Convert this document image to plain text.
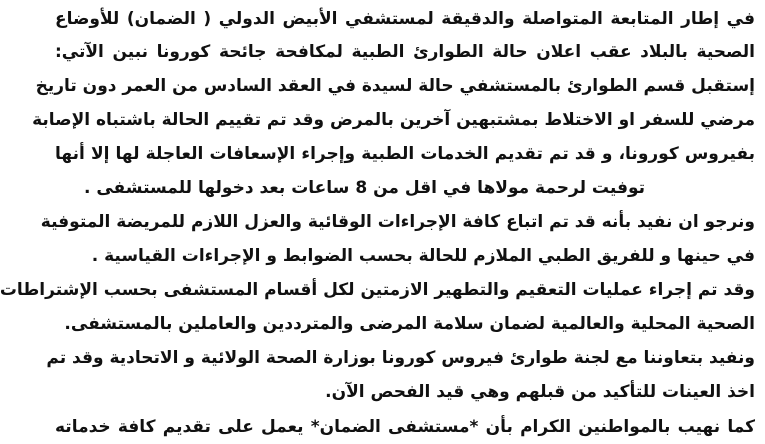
في إطار المتابعة المتواصلة والدقيقة لمستشفي الأبيض الدولي ( الضمان) للأوضاع
الصحية بالبلاد عقب اعلان حالة الطوارئ الطبية لمكافحة جائحة كورونا نبين الآتي:
إستقبل قسم الطوارئ بالمستشفي حالة لسيدة في العقد السادس من العمر دون تاريخ
مرضي للسفر او الاختلاط بمشتبهين آخرين بالمرض وقد تم تقييم الحالة باشتباه الإصابة
بفيروس كورونا، و قد تم تقديم الخدمات الطبية وإجراء الإسعافات العاجلة لها إلا أنها
توفيت لرحمة مولاها في اقل من 8 ساعات بعد دخولها للمستشفى .
ونرجو ان نفيد بأنه قد تم اتباع كافة الإجراءات الوقائية والعزل اللازم للمريضة المتوفية
في حينها و للفريق الطبي الملازم للحالة بحسب الضوابط و الإجراءات القياسية .
وقد تم إجراء عمليات التعقيم والتطهير الازمتين لكل أقسام المستشفى بحسب الإشتراطات
الصحية المحلية والعالمية لضمان سلامة المرضى والمترددين والعاملين بالمستشفى.
ونفيد بتعاوننا مع لجنة طوارئ فيروس كورونا بوزارة الصحة الولائية و الاتحادية وقد تم
اخذ العينات للتأكيد من قبلهم وهي قيد الفحص الآن.
كما نهيب بالمواطنين الكرام بأن *مستشفى الضمان* يعمل على تقديم كافة خدماته
